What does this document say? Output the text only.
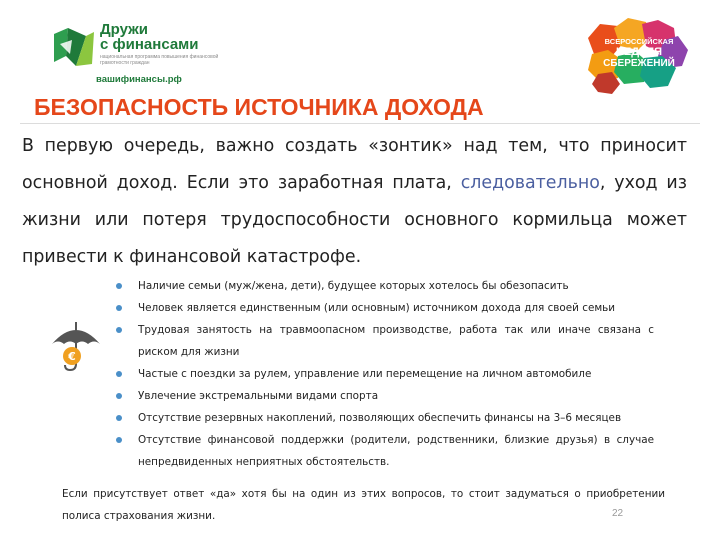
Дружи
с финансами
национальная программа повышения финансовой грамотности граждан
вашифинансы.рф
ВСЕРОССИЙСКАЯ
НЕДЕЛЯ
СБЕРЕЖЕНИЙ
БЕЗОПАСНОСТЬ ИСТОЧНИКА ДОХОДА
В первую очередь, важно создать «зонтик» над тем, что приносит
основной доход. Если это заработная плата, следовательно, уход из
жизни или потеря трудоспособности основного кормильца может
привести к финансовой катастрофе.
€
Наличие семьи (муж/жена, дети), будущее которых хотелось бы обезопасить
Человек является единственным (или основным) источником дохода для своей семьи
Трудовая занятость на травмоопасном производстве, работа так или иначе связана с риском для жизни
Частые с поездки за рулем, управление или перемещение на личном автомобиле
Увлечение экстремальными видами спорта
Отсутствие резервных накоплений, позволяющих обеспечить финансы на 3–6 месяцев
Отсутствие финансовой поддержки (родители, родственники, близкие друзья) в случае непредвиденных неприятных обстоятельств.
Если присутствует ответ «да» хотя бы на один из этих вопросов, то стоит задуматься о приобретении
полиса страхования жизни.	22
